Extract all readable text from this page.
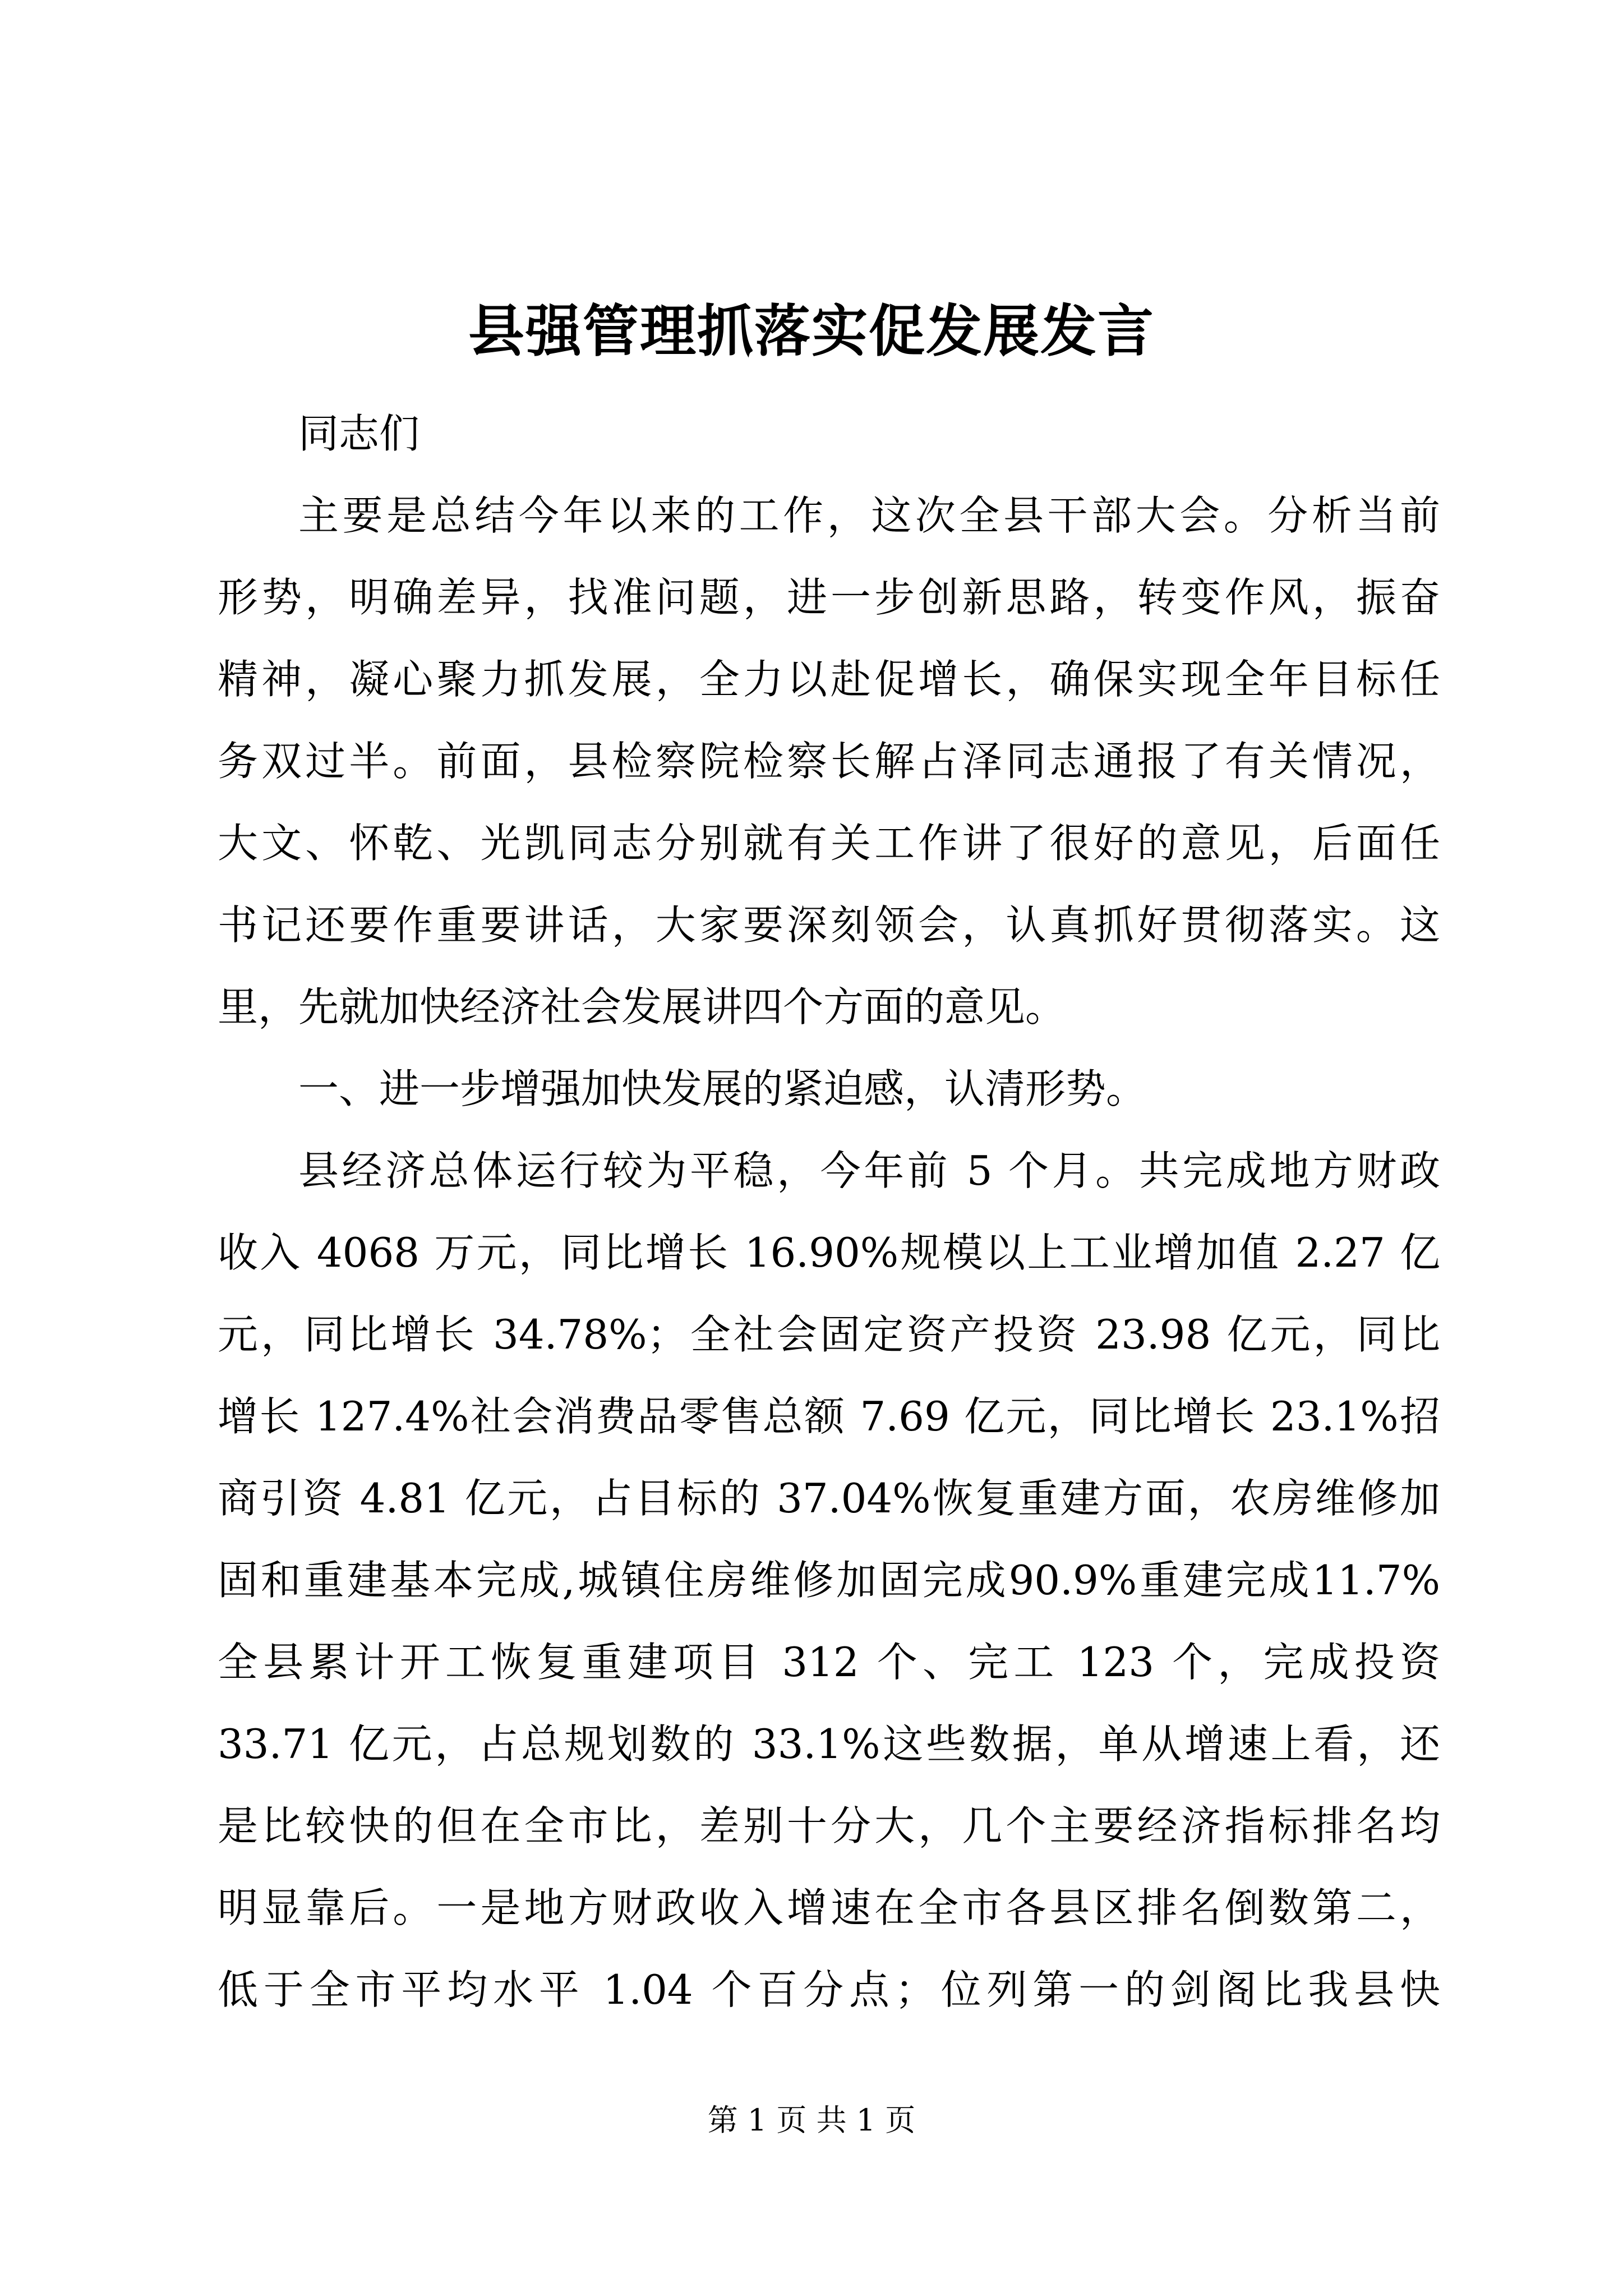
县强管理抓落实促发展发言
同志们
主要是总结今年以来的工作，这次全县干部大会。分析当前
形势，明确差异，找准问题，进一步创新思路，转变作风，振奋
精神，凝心聚力抓发展，全力以赴促增长，确保实现全年目标任
务双过半。前面，县检察院检察长解占泽同志通报了有关情况，
大文、怀乾、光凯同志分别就有关工作讲了很好的意见，后面任
书记还要作重要讲话，大家要深刻领会，认真抓好贯彻落实。这
里，先就加快经济社会发展讲四个方面的意见。
一、进一步增强加快发展的紧迫感，认清形势。
县经济总体运行较为平稳，今年前 5 个月。共完成地方财政
收入 4068 万元，同比增长 16.90%规模以上工业增加值 2.27 亿
元，同比增长 34.78%；全社会固定资产投资 23.98 亿元，同比
增长 127.4%社会消费品零售总额 7.69 亿元，同比增长 23.1%招
商引资 4.81 亿元，占目标的 37.04%恢复重建方面，农房维修加
固和重建基本完成,城镇住房维修加固完成90.9%重建完成11.7%
全县累计开工恢复重建项目 312 个、完工 123 个，完成投资
33.71 亿元，占总规划数的 33.1%这些数据，单从增速上看，还
是比较快的但在全市比，差别十分大，几个主要经济指标排名均
明显靠后。一是地方财政收入增速在全市各县区排名倒数第二，
低于全市平均水平 1.04 个百分点；位列第一的剑阁比我县快
第 1 页 共 1 页
